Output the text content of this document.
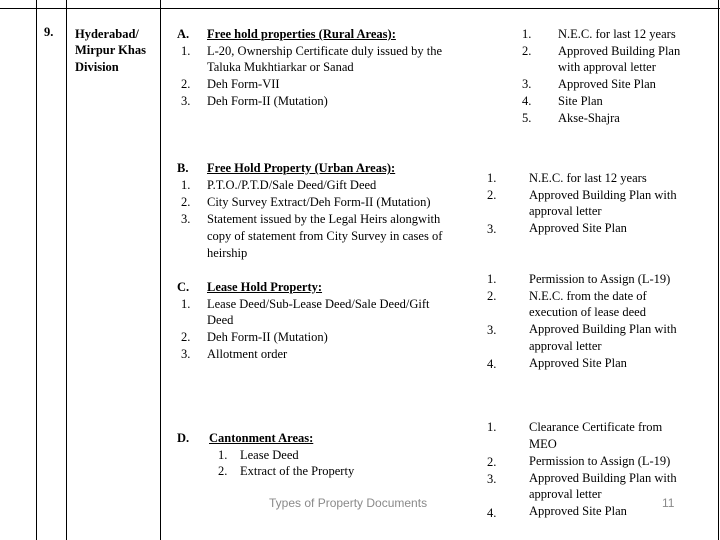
9. Hyderabad/
Mirpur Khas
Division
A. Free hold properties (Rural Areas):
1. L-20, Ownership Certificate duly issued by the
Taluka Mukhtiarkar or Sanad
2. Deh Form-VII
3. Deh Form-II (Mutation)
1. N.E.C. for last 12 years
2. Approved Building Plan
with approval letter
3. Approved Site Plan
4. Site Plan
5. Akse-Shajra
B. Free Hold Property (Urban Areas):
1. P.T.O./P.T.D/Sale Deed/Gift Deed
2. City Survey Extract/Deh Form-II (Mutation)
3. Statement issued by the Legal Heirs alongwith
copy of statement from City Survey in cases of
heirship
1.	N.E.C. for last 12 years
2.	Approved Building Plan with
approval letter
3.	Approved Site Plan
C. Lease Hold Property:
1. Lease Deed/Sub-Lease Deed/Sale Deed/Gift
Deed
2. Deh Form-II (Mutation)
3. Allotment order
1.	Permission to Assign (L-19)
2.	N.E.C. from the date of
execution of lease deed
3.	Approved Building Plan with
approval letter
4.	Approved Site Plan
D. Cantonment Areas:
1. Lease Deed
2. Extract of the Property
1.	Clearance Certificate from
MEO
2.	Permission to Assign (L-19)
3.	Approved Building Plan with
approval letter
4.	Approved Site Plan
Types of Property Documents	11
